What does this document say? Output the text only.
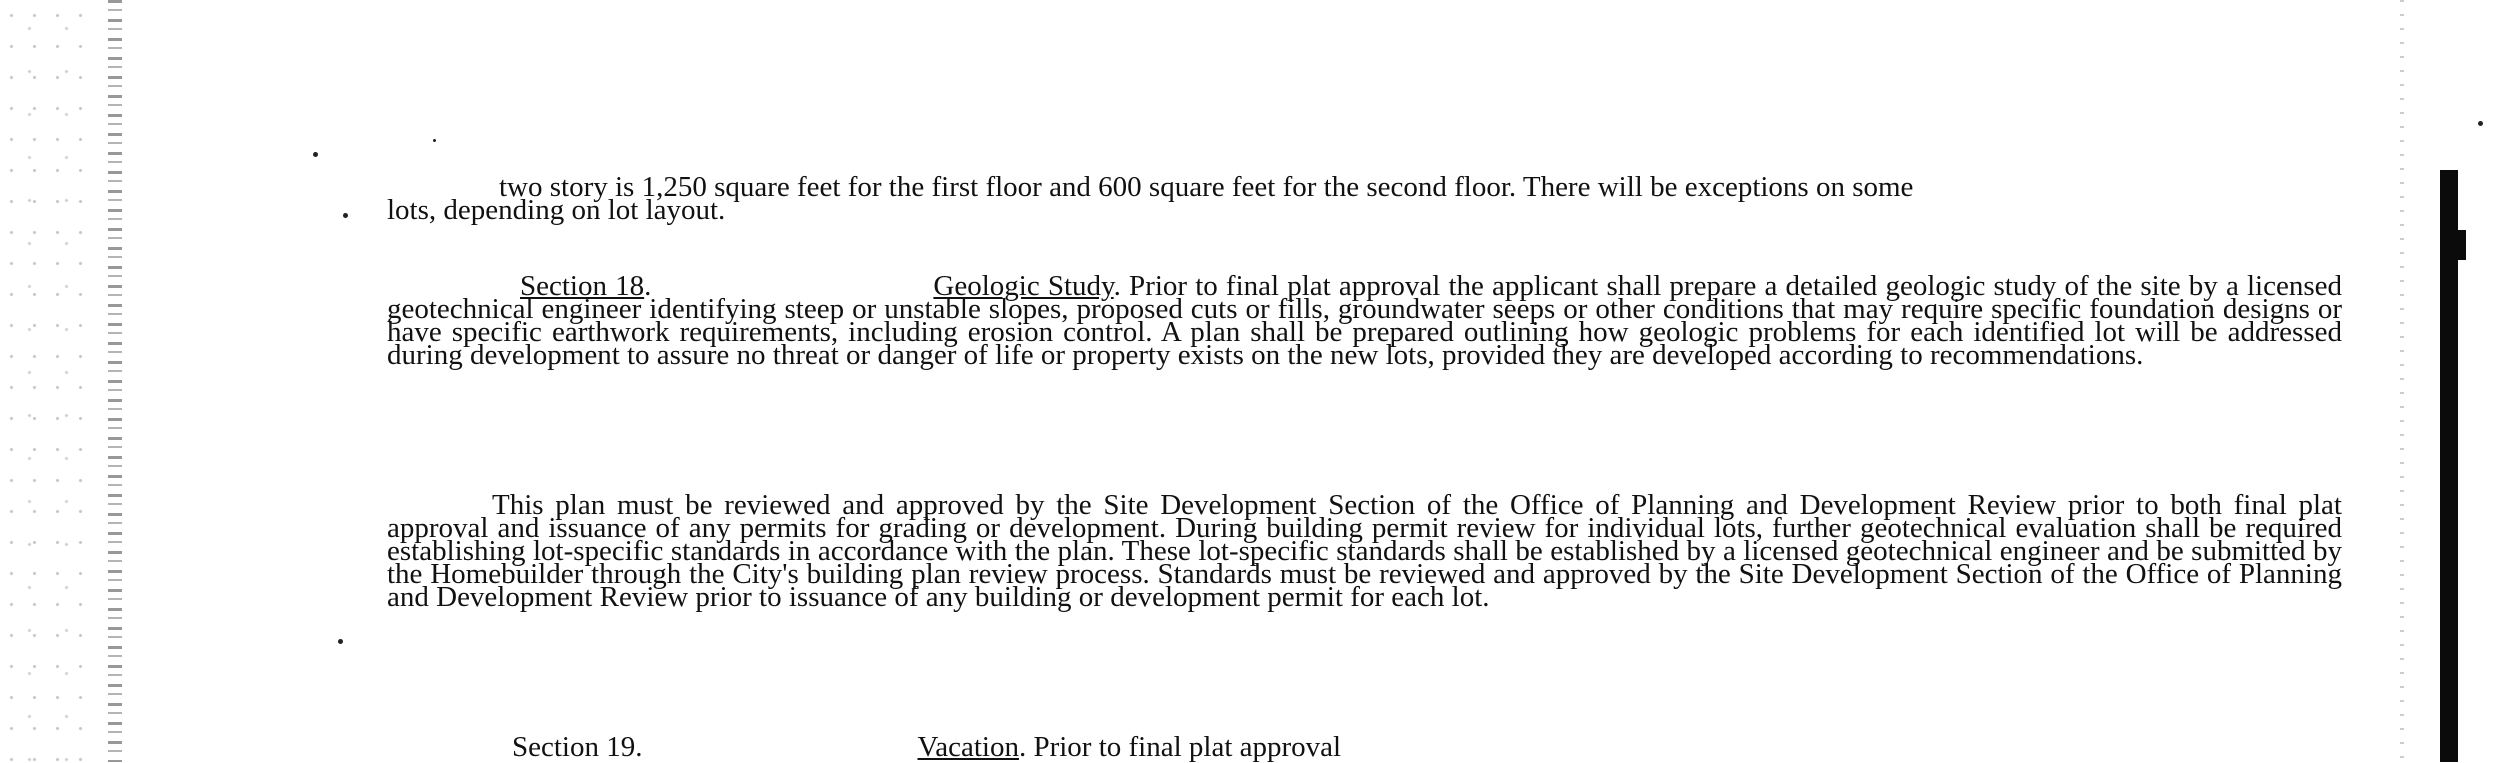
two story is 1,250 square feet for the first floor and 600 square feet for the second floor. There will be exceptions on some
lots, depending on lot layout.

Section 18.	Geologic Study. Prior to final plat approval the applicant shall prepare a detailed geologic study of the site by a licensed geotechnical engineer identifying steep or unstable slopes, proposed cuts or fills, groundwater seeps or other conditions that may require specific foundation designs or have specific earthwork requirements, including erosion control. A plan shall be prepared outlining how geologic problems for each identified lot will be addressed during development to assure no threat or danger of life or property exists on the new lots, provided they are developed according to recommendations.

This plan must be reviewed and approved by the Site Development Section of the Office of Planning and Development Review prior to both final plat approval and issuance of any permits for grading or development. During building permit review for individual lots, further geotechnical evaluation shall be required establishing lot-specific standards in accordance with the plan. These lot-specific standards shall be established by a licensed geotechnical engineer and be submitted by the Homebuilder through the City's building plan review process. Standards must be reviewed and approved by the Site Development Section of the Office of Planning and Development Review prior to issuance of any building or development permit for each lot.

Section 19.	Vacation. Prior to final plat approval
